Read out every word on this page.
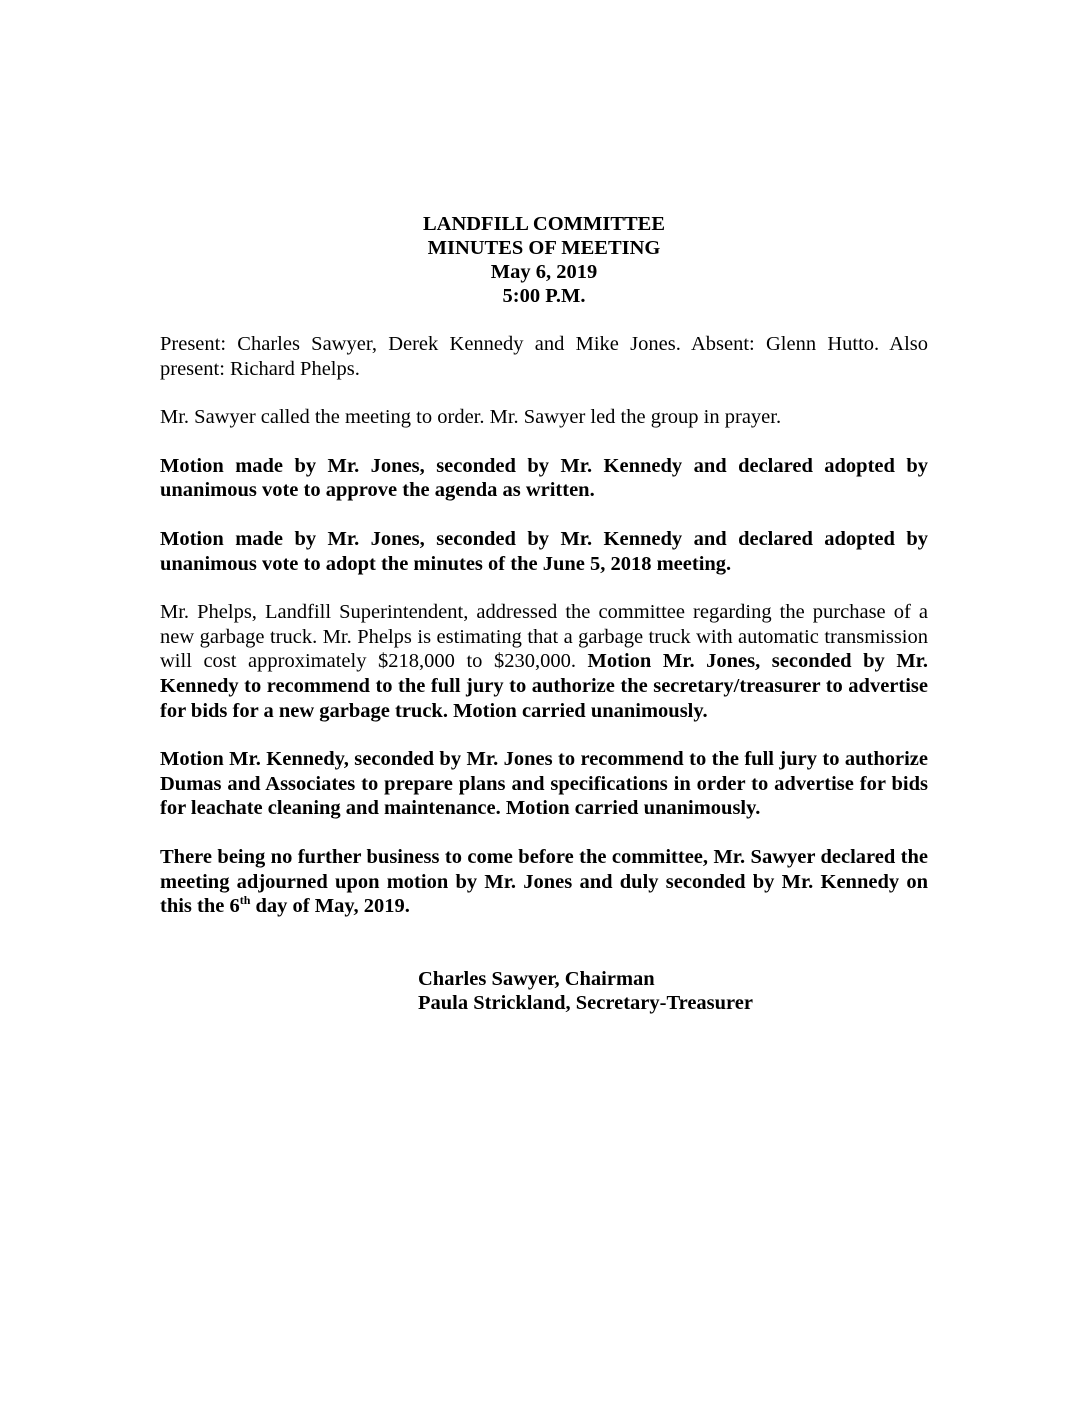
LANDFILL COMMITTEE
MINUTES OF MEETING
May 6, 2019
5:00 P.M.

Present: Charles Sawyer, Derek Kennedy and Mike Jones. Absent: Glenn Hutto. Also present: Richard Phelps.

Mr. Sawyer called the meeting to order. Mr. Sawyer led the group in prayer.

Motion made by Mr. Jones, seconded by Mr. Kennedy and declared adopted by unanimous vote to approve the agenda as written.

Motion made by Mr. Jones, seconded by Mr. Kennedy and declared adopted by unanimous vote to adopt the minutes of the June 5, 2018 meeting.

Mr. Phelps, Landfill Superintendent, addressed the committee regarding the purchase of a new garbage truck. Mr. Phelps is estimating that a garbage truck with automatic transmission will cost approximately $218,000 to $230,000. Motion Mr. Jones, seconded by Mr. Kennedy to recommend to the full jury to authorize the secretary/treasurer to advertise for bids for a new garbage truck. Motion carried unanimously.

Motion Mr. Kennedy, seconded by Mr. Jones to recommend to the full jury to authorize Dumas and Associates to prepare plans and specifications in order to advertise for bids for leachate cleaning and maintenance. Motion carried unanimously.

There being no further business to come before the committee, Mr. Sawyer declared the meeting adjourned upon motion by Mr. Jones and duly seconded by Mr. Kennedy on this the 6th day of May, 2019.

Charles Sawyer, Chairman
Paula Strickland, Secretary-Treasurer
